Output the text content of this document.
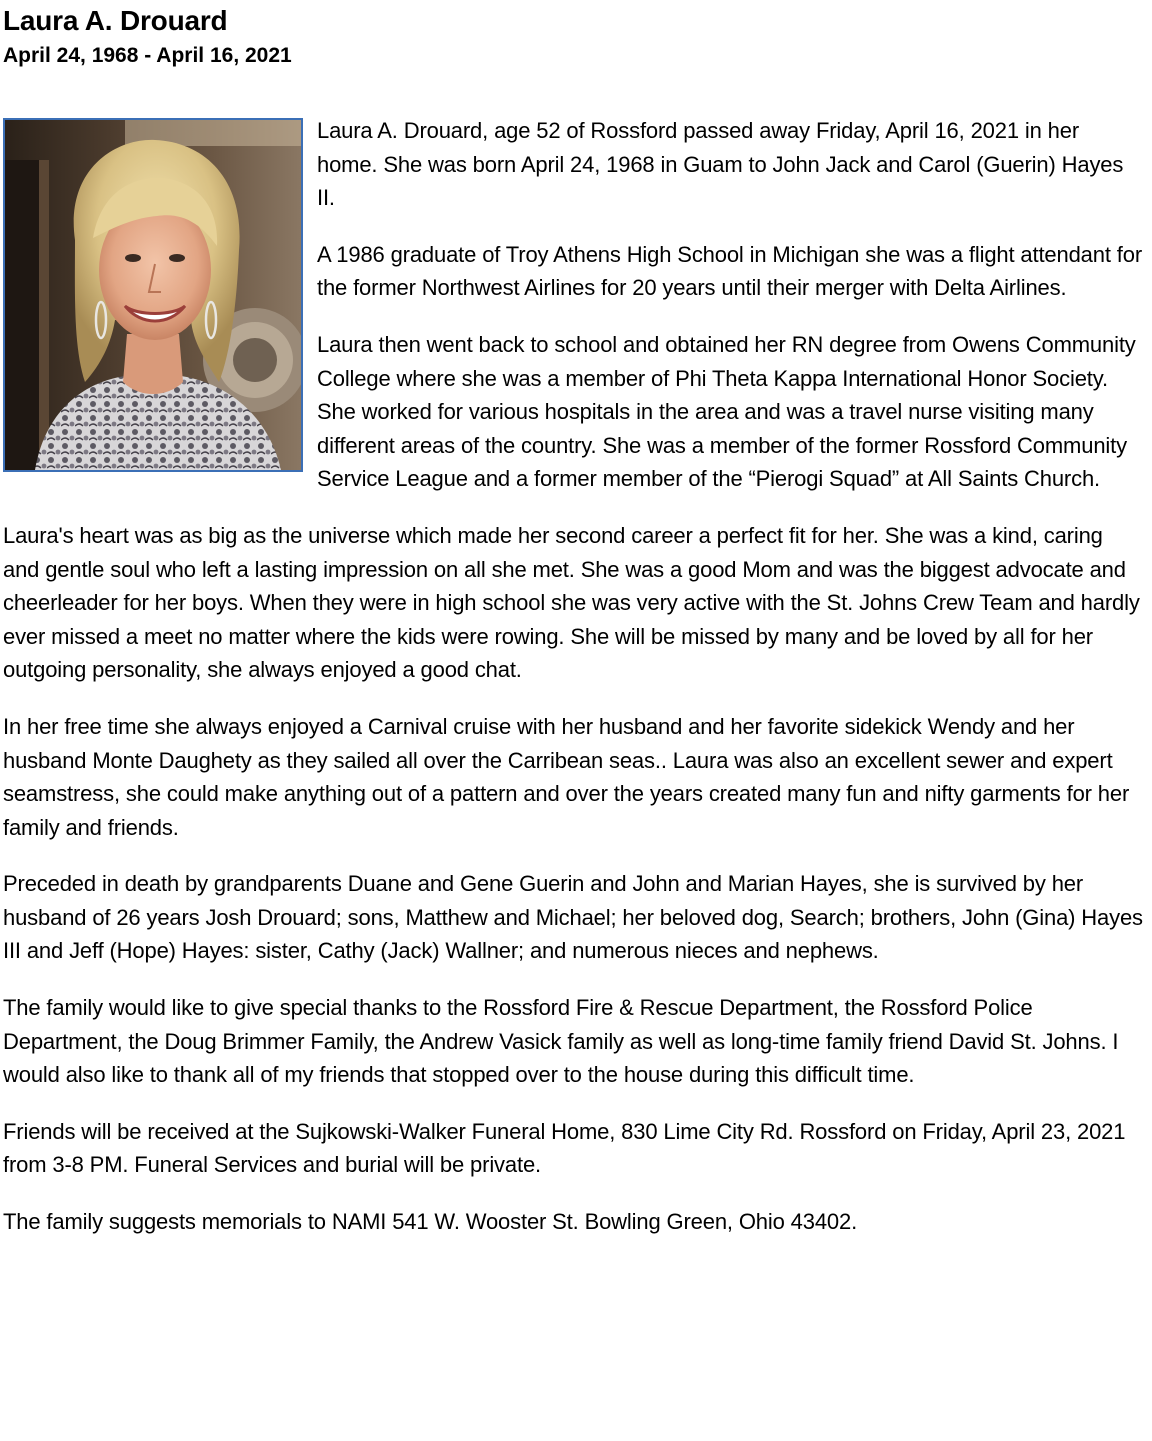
Laura A. Drouard
April 24, 1968 - April 16, 2021

Laura A. Drouard, age 52 of Rossford passed away Friday, April 16, 2021 in her home. She was born April 24, 1968 in Guam to John Jack and Carol (Guerin) Hayes II.

A 1986 graduate of Troy Athens High School in Michigan she was a flight attendant for the former Northwest Airlines for 20 years until their merger with Delta Airlines.

Laura then went back to school and obtained her RN degree from Owens Community College where she was a member of Phi Theta Kappa International Honor Society. She worked for various hospitals in the area and was a travel nurse visiting many different areas of the country. She was a member of the former Rossford Community Service League and a former member of the “Pierogi Squad” at All Saints Church.

Laura's heart was as big as the universe which made her second career a perfect fit for her. She was a kind, caring and gentle soul who left a lasting impression on all she met. She was a good Mom and was the biggest advocate and cheerleader for her boys. When they were in high school she was very active with the St. Johns Crew Team and hardly ever missed a meet no matter where the kids were rowing. She will be missed by many and be loved by all for her outgoing personality, she always enjoyed a good chat.

In her free time she always enjoyed a Carnival cruise with her husband and her favorite sidekick Wendy and her husband Monte Daughety as they sailed all over the Carribean seas.. Laura was also an excellent sewer and expert seamstress, she could make anything out of a pattern and over the years created many fun and nifty garments for her family and friends.

Preceded in death by grandparents Duane and Gene Guerin and John and Marian Hayes, she is survived by her husband of 26 years Josh Drouard; sons, Matthew and Michael; her beloved dog, Search; brothers, John (Gina) Hayes III and Jeff (Hope) Hayes: sister, Cathy (Jack) Wallner; and numerous nieces and nephews.

The family would like to give special thanks to the Rossford Fire & Rescue Department, the Rossford Police Department, the Doug Brimmer Family, the Andrew Vasick family as well as long-time family friend David St. Johns. I would also like to thank all of my friends that stopped over to the house during this difficult time.

Friends will be received at the Sujkowski-Walker Funeral Home, 830 Lime City Rd. Rossford on Friday, April 23, 2021 from 3-8 PM. Funeral Services and burial will be private.

The family suggests memorials to NAMI 541 W. Wooster St. Bowling Green, Ohio 43402.
